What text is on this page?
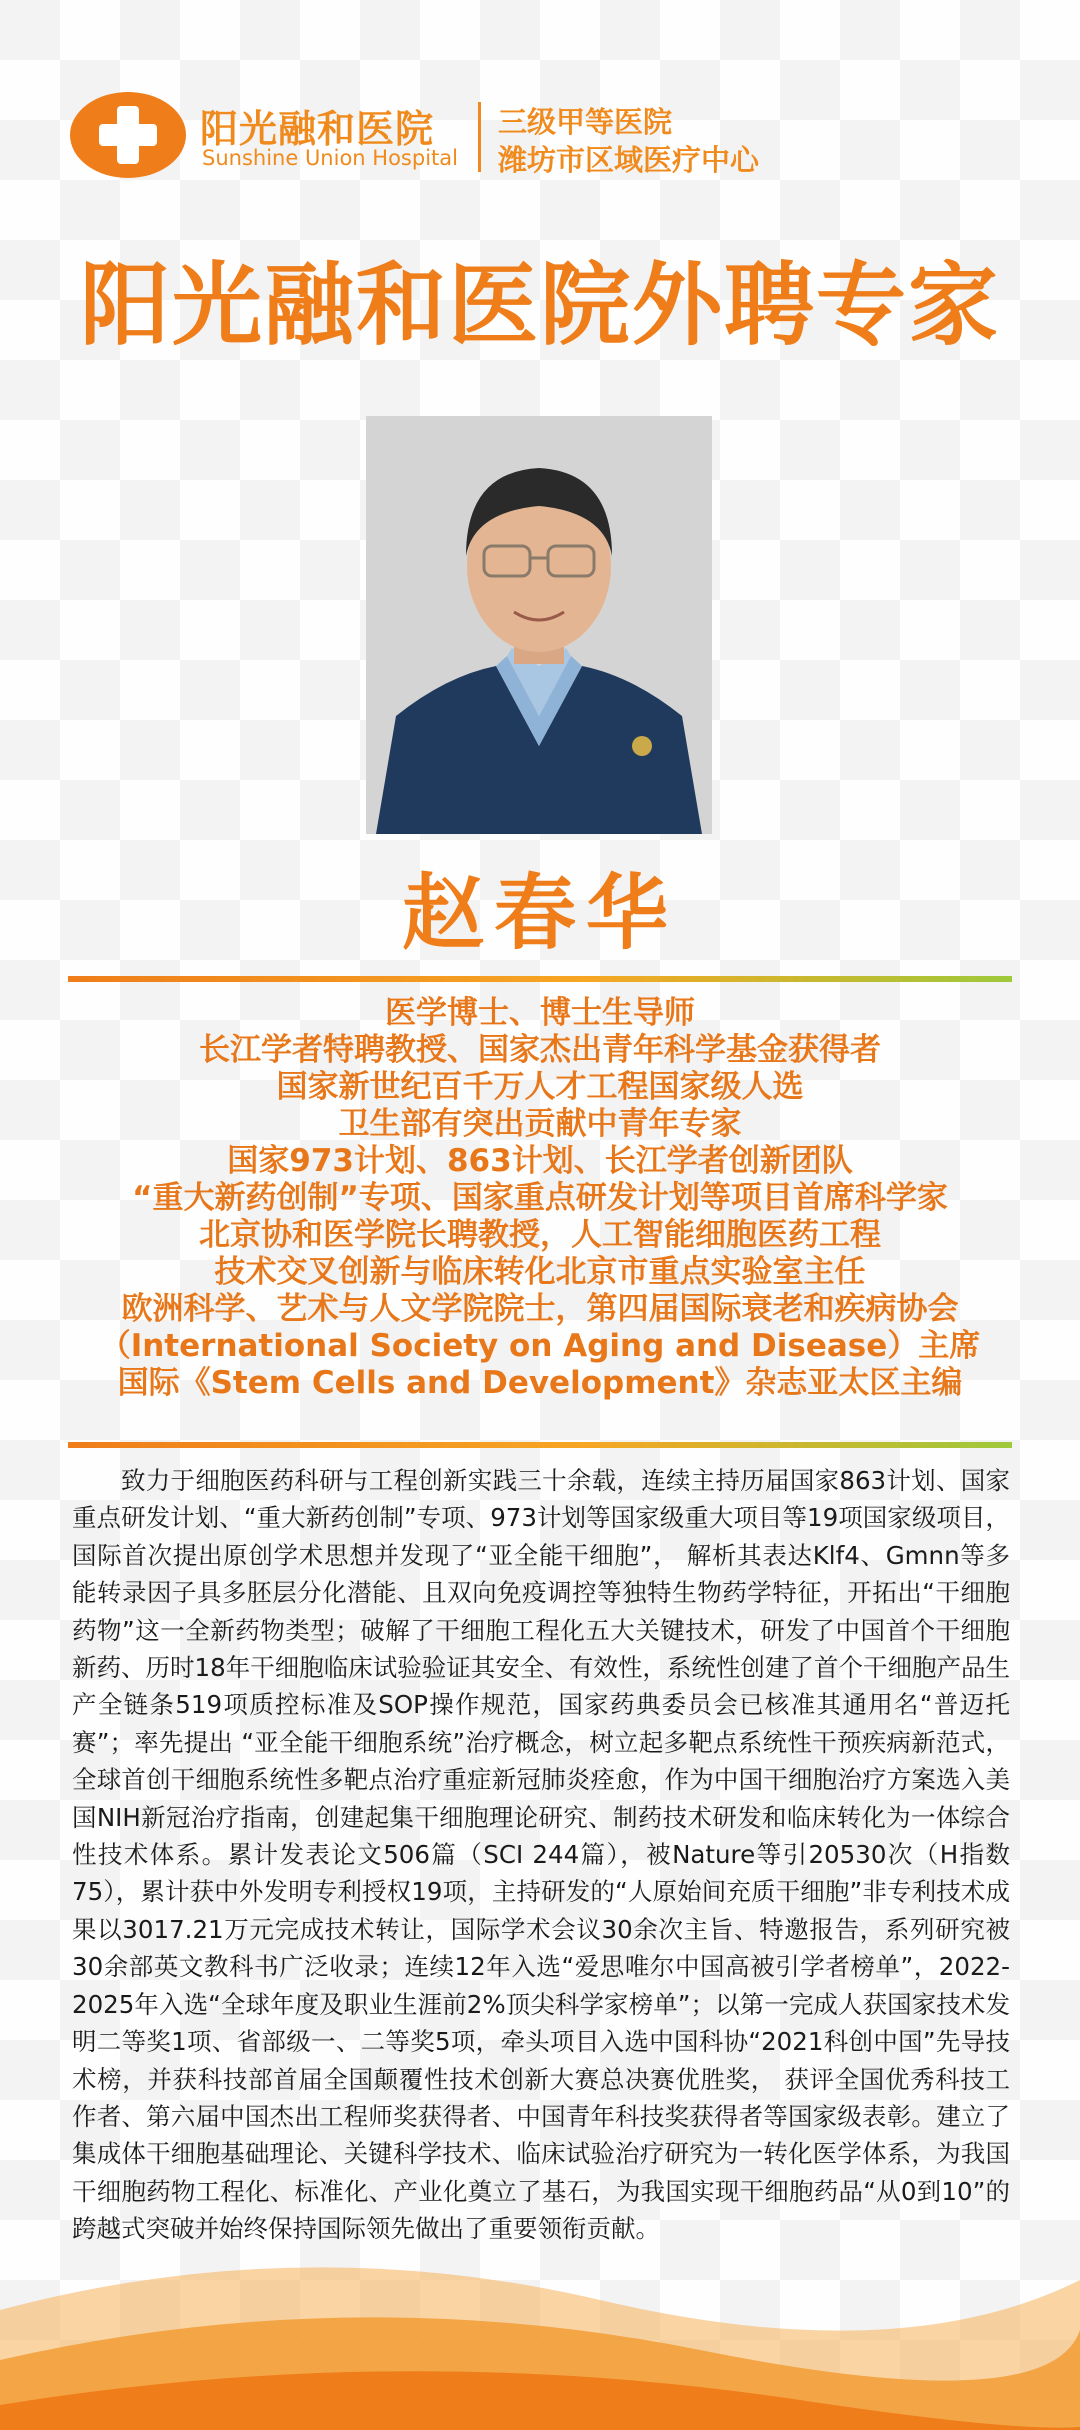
阳光融和医院
Sunshine Union Hospital
三级甲等医院
潍坊市区域医疗中心
阳光融和医院外聘专家
赵春华
医学博士、博士生导师
长江学者特聘教授、国家杰出青年科学基金获得者
国家新世纪百千万人才工程国家级人选
卫生部有突出贡献中青年专家
国家973计划、863计划、长江学者创新团队
“重大新药创制”专项、国家重点研发计划等项目首席科学家
北京协和医学院长聘教授，人工智能细胞医药工程
技术交叉创新与临床转化北京市重点实验室主任
欧洲科学、艺术与人文学院院士，第四届国际衰老和疾病协会
（International Society on Aging and Disease）主席
国际《Stem Cells and Development》杂志亚太区主编

致力于细胞医药科研与工程创新实践三十余载，连续主持历届国家863计划、国家重点研发计划、“重大新药创制”专项、973计划等国家级重大项目等19项国家级项目，国际首次提出原创学术思想并发现了“亚全能干细胞”， 解析其表达Klf4、Gmnn等多能转录因子具多胚层分化潜能、且双向免疫调控等独特生物药学特征，开拓出“干细胞药物”这一全新药物类型；破解了干细胞工程化五大关键技术，研发了中国首个干细胞新药、历时18年干细胞临床试验验证其安全、有效性，系统性创建了首个干细胞产品生产全链条519项质控标准及SOP操作规范，国家药典委员会已核准其通用名“普迈托赛”；率先提出 “亚全能干细胞系统”治疗概念，树立起多靶点系统性干预疾病新范式，全球首创干细胞系统性多靶点治疗重症新冠肺炎痊愈，作为中国干细胞治疗方案选入美国NIH新冠治疗指南，创建起集干细胞理论研究、制药技术研发和临床转化为一体综合性技术体系。累计发表论文506篇（SCI 244篇），被Nature等引20530次（H指数75），累计获中外发明专利授权19项，主持研发的“人原始间充质干细胞”非专利技术成果以3017.21万元完成技术转让，国际学术会议30余次主旨、特邀报告，系列研究被30余部英文教科书广泛收录；连续12年入选“爱思唯尔中国高被引学者榜单”，2022-2025年入选“全球年度及职业生涯前2%顶尖科学家榜单”；以第一完成人获国家技术发明二等奖1项、省部级一、二等奖5项，牵头项目入选中国科协“2021科创中国”先导技术榜，并获科技部首届全国颠覆性技术创新大赛总决赛优胜奖， 获评全国优秀科技工作者、第六届中国杰出工程师奖获得者、中国青年科技奖获得者等国家级表彰。建立了集成体干细胞基础理论、关键科学技术、临床试验治疗研究为一转化医学体系，为我国干细胞药物工程化、标准化、产业化奠立了基石，为我国实现干细胞药品“从0到10”的跨越式突破并始终保持国际领先做出了重要领衔贡献。
